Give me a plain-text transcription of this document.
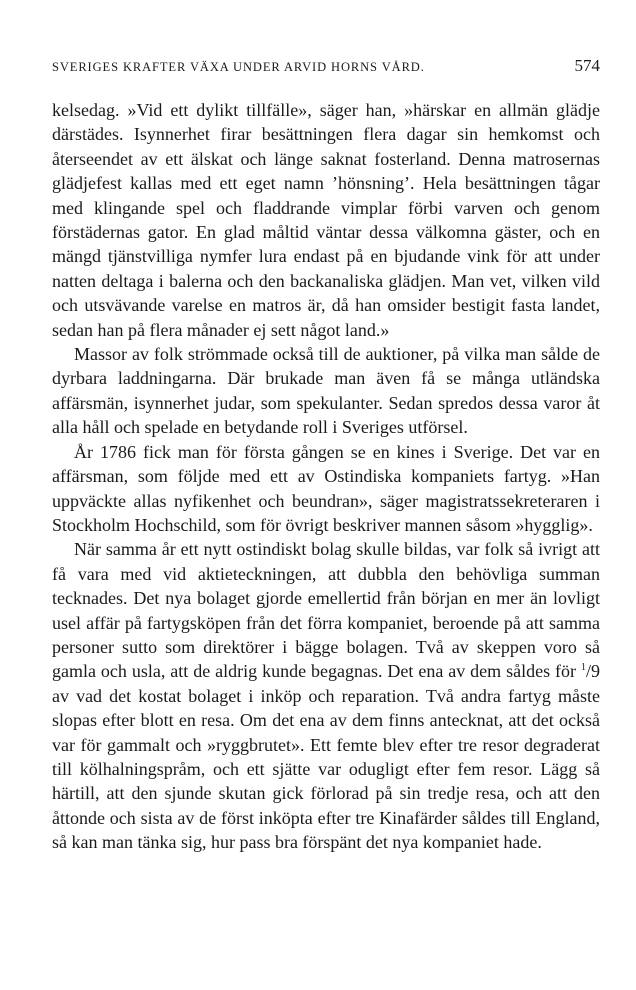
SVERIGES KRAFTER VÄXA UNDER ARVID HORNS VÅRD.	574

kelsedag. »Vid ett dylikt tillfälle», säger han, »härskar en allmän glädje därstädes. Isynnerhet firar besättningen flera dagar sin hemkomst och återseendet av ett älskat och länge saknat fosterland. Denna matrosernas glädjefest kallas med ett eget namn ’hönsning’. Hela besättningen tågar med klingande spel och fladdrande vimplar förbi varven och genom förstädernas gator. En glad måltid väntar dessa välkomna gäster, och en mängd tjänstvilliga nymfer lura endast på en bjudande vink för att under natten deltaga i balerna och den backanaliska glädjen. Man vet, vilken vild och utsvävande varelse en matros är, då han omsider bestigit fasta landet, sedan han på flera månader ej sett något land.»

Massor av folk strömmade också till de auktioner, på vilka man sålde de dyrbara laddningarna. Där brukade man även få se många utländska affärsmän, isynnerhet judar, som spekulanter. Sedan spredos dessa varor åt alla håll och spelade en betydande roll i Sveriges utförsel.

År 1786 fick man för första gången se en kines i Sverige. Det var en affärsman, som följde med ett av Ostindiska kompaniets fartyg. »Han uppväckte allas nyfikenhet och beundran», säger magistratssekreteraren i Stockholm Hochschild, som för övrigt beskriver mannen såsom »hygglig».

När samma år ett nytt ostindiskt bolag skulle bildas, var folk så ivrigt att få vara med vid aktieteckningen, att dubbla den behövliga summan tecknades. Det nya bolaget gjorde emellertid från början en mer än lovligt usel affär på fartygsköpen från det förra kompaniet, beroende på att samma personer sutto som direktörer i bägge bolagen. Två av skeppen voro så gamla och usla, att de aldrig kunde begagnas. Det ena av dem såldes för $^1$/9 av vad det kostat bolaget i inköp och reparation. Två andra fartyg måste slopas efter blott en resa. Om det ena av dem finns antecknat, att det också var för gammalt och »ryggbrutet». Ett femte blev efter tre resor degraderat till kölhalningspråm, och ett sjätte var odugligt efter fem resor. Lägg så härtill, att den sjunde skutan gick förlorad på sin tredje resa, och att den åttonde och sista av de först inköpta efter tre Kinafärder såldes till England, så kan man tänka sig, hur pass bra förspänt det nya kompaniet hade.
